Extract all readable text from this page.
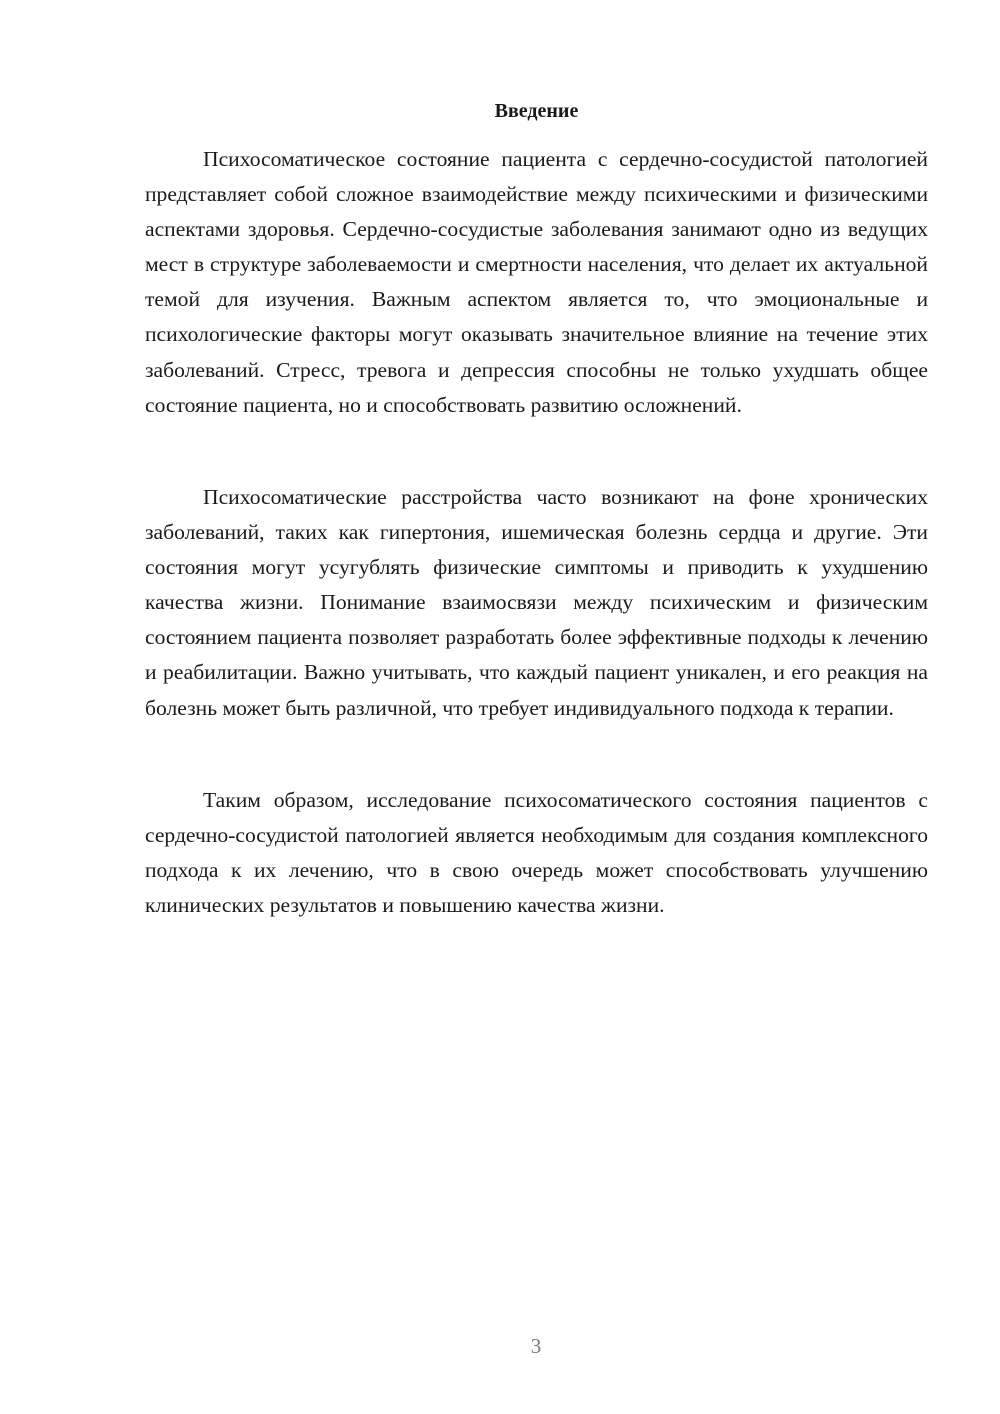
Введение

Психосоматическое состояние пациента с сердечно-сосудистой патологией представляет собой сложное взаимодействие между психическими и физическими аспектами здоровья. Сердечно-сосудистые заболевания занимают одно из ведущих мест в структуре заболеваемости и смертности населения, что делает их актуальной темой для изучения. Важным аспектом является то, что эмоциональные и психологические факторы могут оказывать значительное влияние на течение этих заболеваний. Стресс, тревога и депрессия способны не только ухудшать общее состояние пациента, но и способствовать развитию осложнений.

Психосоматические расстройства часто возникают на фоне хронических заболеваний, таких как гипертония, ишемическая болезнь сердца и другие. Эти состояния могут усугублять физические симптомы и приводить к ухудшению качества жизни. Понимание взаимосвязи между психическим и физическим состоянием пациента позволяет разработать более эффективные подходы к лечению и реабилитации. Важно учитывать, что каждый пациент уникален, и его реакция на болезнь может быть различной, что требует индивидуального подхода к терапии.

Таким образом, исследование психосоматического состояния пациентов с сердечно-сосудистой патологией является необходимым для создания комплексного подхода к их лечению, что в свою очередь может способствовать улучшению клинических результатов и повышению качества жизни.

3
